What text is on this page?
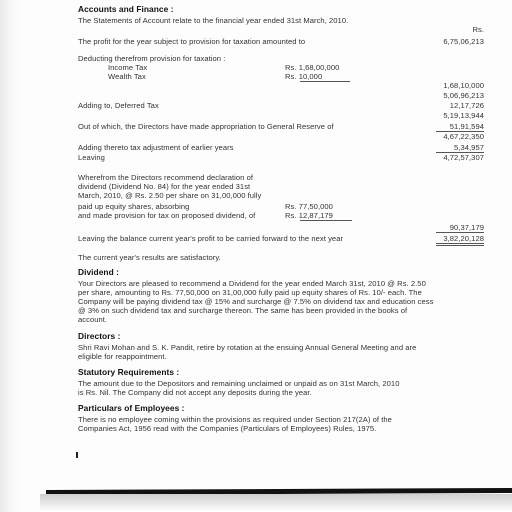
Accounts and Finance :
The Statements of Account relate to the financial year ended 31st March, 2010.
Rs.
The profit for the year subject to provision for taxation amounted to	6,75,06,213
Deducting therefrom provision for taxation :
Income Tax	Rs. 1,68,00,000
Wealth Tax	Rs. 10,000
1,68,10,000
5,06,96,213
Adding to, Deferred Tax	12,17,726
5,19,13,944
Out of which, the Directors have made appropriation to General Reserve of	51,91,594
4,67,22,350
Adding thereto tax adjustment of earlier years	5,34,957
Leaving	4,72,57,307
Wherefrom the Directors recommend declaration of
dividend (Dividend No. 84) for the year ended 31st
March, 2010, @ Rs. 2.50 per share on 31,00,000 fully
paid up equity shares, absorbing	Rs. 77,50,000
and made provision for tax on proposed dividend, of	Rs. 12,87,179
90,37,179
Leaving the balance current year's profit to be carried forward to the next year	3,82,20,128
The current year's results are satisfactory.
Dividend :
Your Directors are pleased to recommend a Dividend for the year ended March 31st, 2010 @ Rs. 2.50
per share, amounting to Rs. 77,50,000 on 31,00,000 fully paid up equity shares of Rs. 10/- each. The
Company will be paying dividend tax @ 15% and surcharge @ 7.5% on dividend tax and education cess
@ 3% on such dividend tax and surcharge thereon. The same has been provided in the books of
account.
Directors :
Shri Ravi Mohan and S. K. Pandit, retire by rotation at the ensuing Annual General Meeting and are
eligible for reappointment.
Statutory Requirements :
The amount due to the Depositors and remaining unclaimed or unpaid as on 31st March, 2010
is Rs. Nil. The Company did not accept any deposits during the year.
Particulars of Employees :
There is no employee coming within the provisions as required under Section 217(2A) of the
Companies Act, 1956 read with the Companies (Particulars of Employees) Rules, 1975.
